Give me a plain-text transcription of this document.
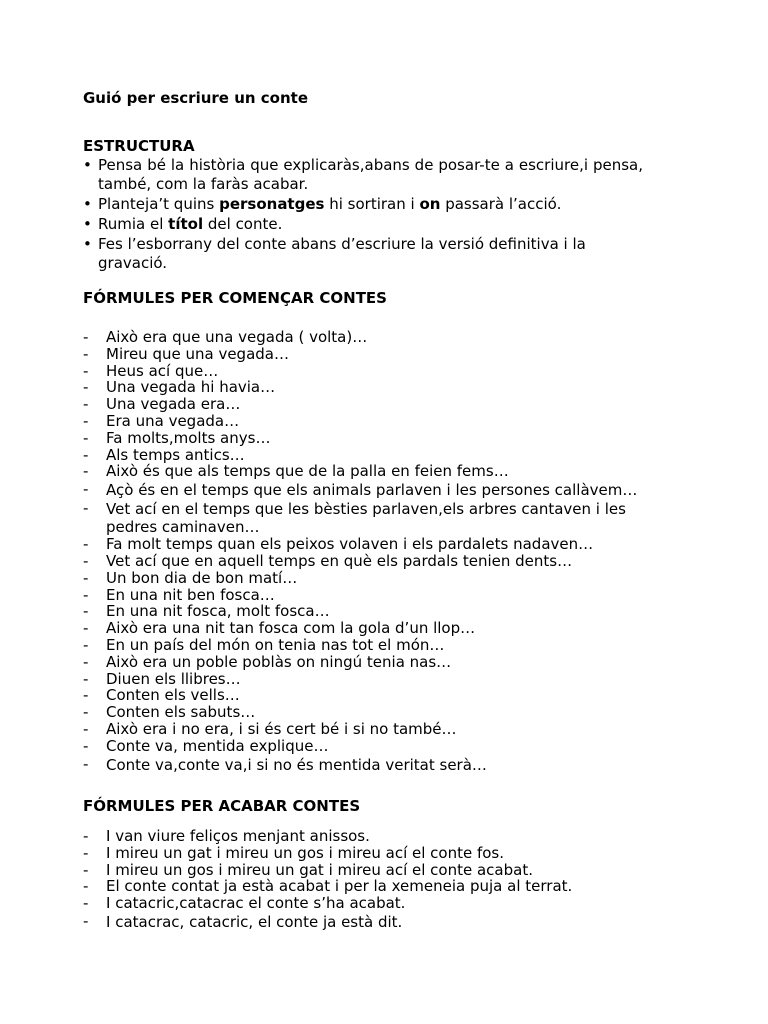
Guió per escriure un conte
ESTRUCTURA
• Pensa bé la història que explicaràs,abans de posar-te a escriure,i pensa, també, com la faràs acabar.
• Planteja’t quins personatges hi sortiran i on passarà l’acció.
• Rumia el títol del conte.
• Fes l’esborrany del conte abans d’escriure la versió definitiva i la gravació.
FÓRMULES PER COMENÇAR CONTES
- Això era que una vegada ( volta)…
- Mireu que una vegada…
- Heus ací que…
- Una vegada hi havia…
- Una vegada era…
- Era una vegada…
- Fa molts,molts anys…
- Als temps antics…
- Això és que als temps que de la palla en feien fems…
- Açò és en el temps que els animals parlaven i les persones callàvem…
- Vet ací en el temps que les bèsties parlaven,els arbres cantaven i les pedres caminaven…
- Fa molt temps quan els peixos volaven i els pardalets nadaven…
- Vet ací que en aquell temps en què els pardals tenien dents…
- Un bon dia de bon matí…
- En una nit ben fosca…
- En una nit fosca, molt fosca…
- Això era una nit tan fosca com la gola d’un llop…
- En un país del món on tenia nas tot el món…
- Això era un poble poblàs on ningú tenia nas…
- Diuen els llibres…
- Conten els vells…
- Conten els sabuts…
- Això era i no era, i si és cert bé i si no també…
- Conte va, mentida explique…
- Conte va,conte va,i si no és mentida veritat serà…
FÓRMULES PER ACABAR CONTES
- I van viure feliços menjant anissos.
- I mireu un gat i mireu un gos i mireu ací el conte fos.
- I mireu un gos i mireu un gat i mireu ací el conte acabat.
- El conte contat ja està acabat i per la xemeneia puja al terrat.
- I catacric,catacrac el conte s’ha acabat.
- I catacrac, catacric, el conte ja està dit.
